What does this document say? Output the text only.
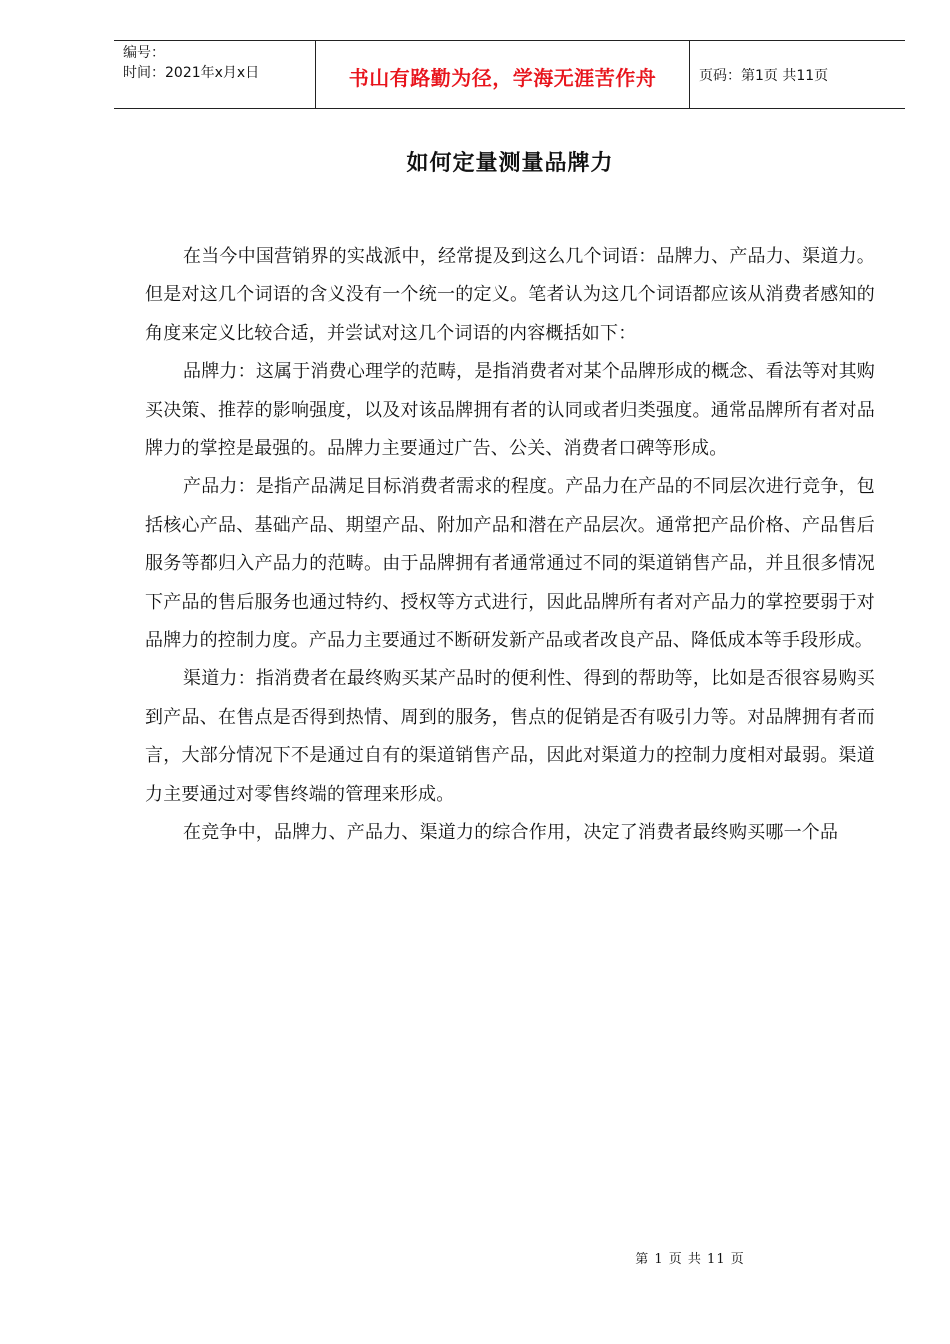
编号：
时间：2021年x月x日	书山有路勤为径，学海无涯苦作舟	页码：第1页 共11页
如何定量测量品牌力

在当今中国营销界的实战派中，经常提及到这么几个词语：品牌力、产品力、渠道力。但是对这几个词语的含义没有一个统一的定义。笔者认为这几个词语都应该从消费者感知的角度来定义比较合适，并尝试对这几个词语的内容概括如下：

品牌力：这属于消费心理学的范畴，是指消费者对某个品牌形成的概念、看法等对其购买决策、推荐的影响强度，以及对该品牌拥有者的认同或者归类强度。通常品牌所有者对品牌力的掌控是最强的。品牌力主要通过广告、公关、消费者口碑等形成。

产品力：是指产品满足目标消费者需求的程度。产品力在产品的不同层次进行竞争，包括核心产品、基础产品、期望产品、附加产品和潜在产品层次。通常把产品价格、产品售后服务等都归入产品力的范畴。由于品牌拥有者通常通过不同的渠道销售产品，并且很多情况下产品的售后服务也通过特约、授权等方式进行，因此品牌所有者对产品力的掌控要弱于对品牌力的控制力度。产品力主要通过不断研发新产品或者改良产品、降低成本等手段形成。

渠道力：指消费者在最终购买某产品时的便利性、得到的帮助等，比如是否很容易购买到产品、在售点是否得到热情、周到的服务，售点的促销是否有吸引力等。对品牌拥有者而言，大部分情况下不是通过自有的渠道销售产品，因此对渠道力的控制力度相对最弱。渠道力主要通过对零售终端的管理来形成。

在竞争中，品牌力、产品力、渠道力的综合作用，决定了消费者最终购买哪一个品

第 1 页 共 11 页
